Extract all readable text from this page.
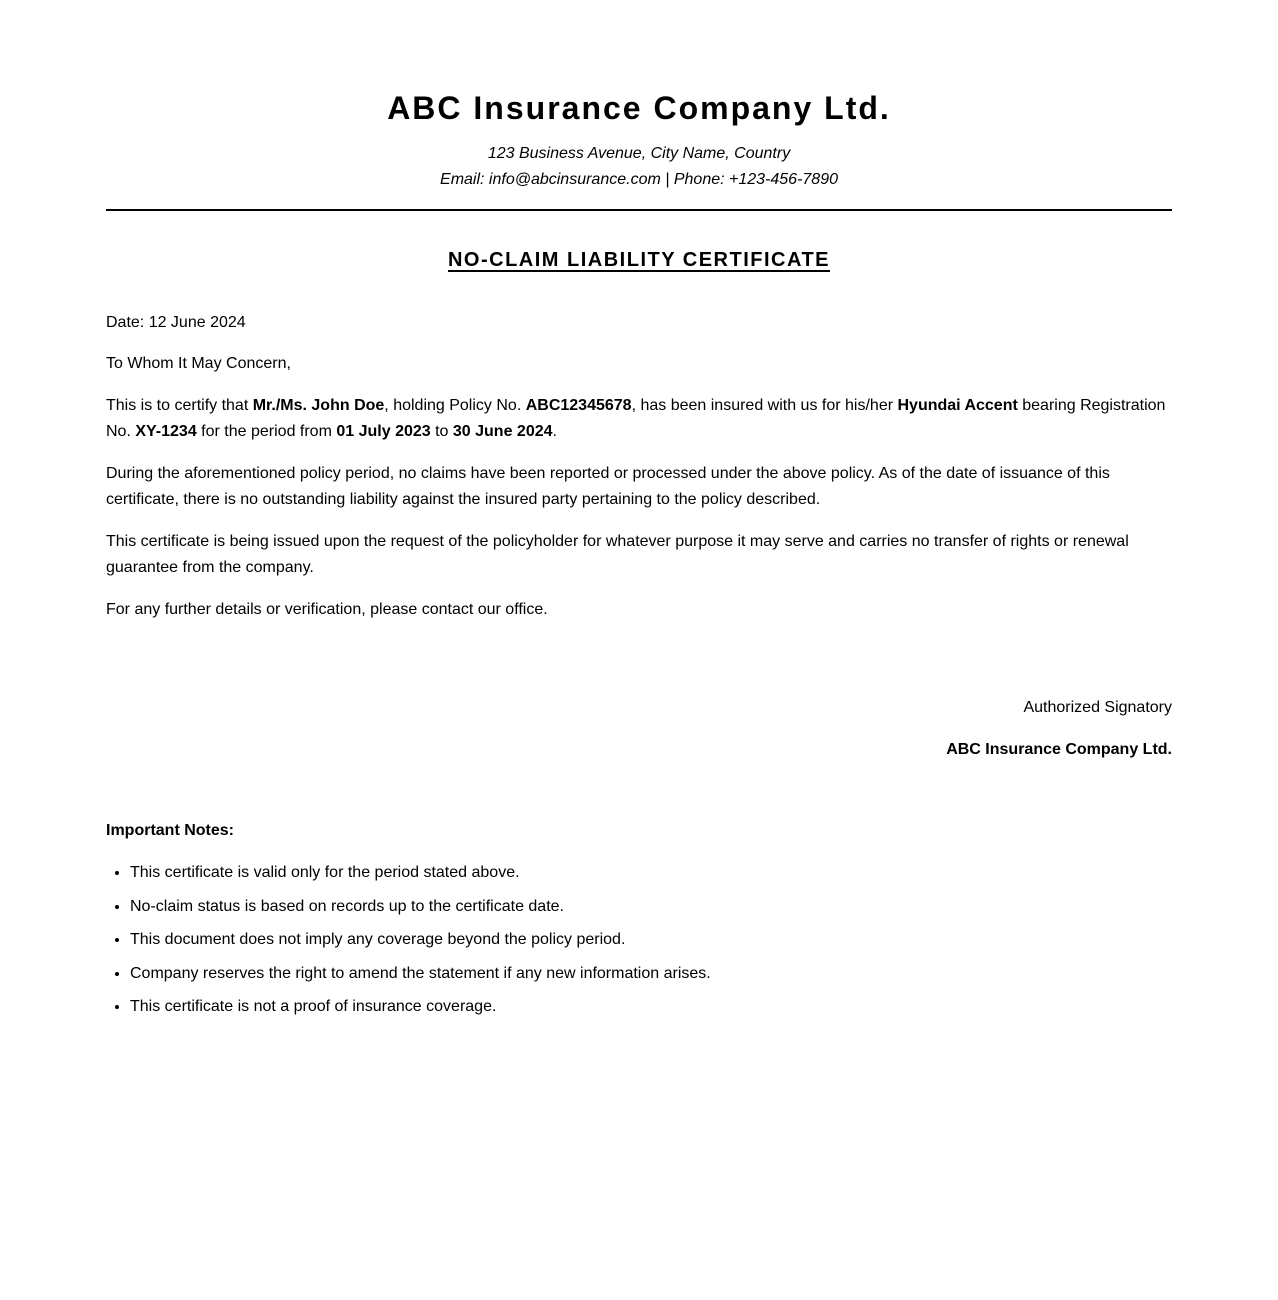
ABC Insurance Company Ltd.
123 Business Avenue, City Name, Country
Email: info@abcinsurance.com | Phone: +123-456-7890
NO-CLAIM LIABILITY CERTIFICATE

Date: 12 June 2024

To Whom It May Concern,

This is to certify that Mr./Ms. John Doe, holding Policy No. ABC12345678, has been insured with us for his/her Hyundai Accent bearing Registration No. XY-1234 for the period from 01 July 2023 to 30 June 2024.

During the aforementioned policy period, no claims have been reported or processed under the above policy. As of the date of issuance of this certificate, there is no outstanding liability against the insured party pertaining to the policy described.

This certificate is being issued upon the request of the policyholder for whatever purpose it may serve and carries no transfer of rights or renewal guarantee from the company.

For any further details or verification, please contact our office.

Authorized Signatory
ABC Insurance Company Ltd.
Important Notes:
• This certificate is valid only for the period stated above.
• No-claim status is based on records up to the certificate date.
• This document does not imply any coverage beyond the policy period.
• Company reserves the right to amend the statement if any new information arises.
• This certificate is not a proof of insurance coverage.
